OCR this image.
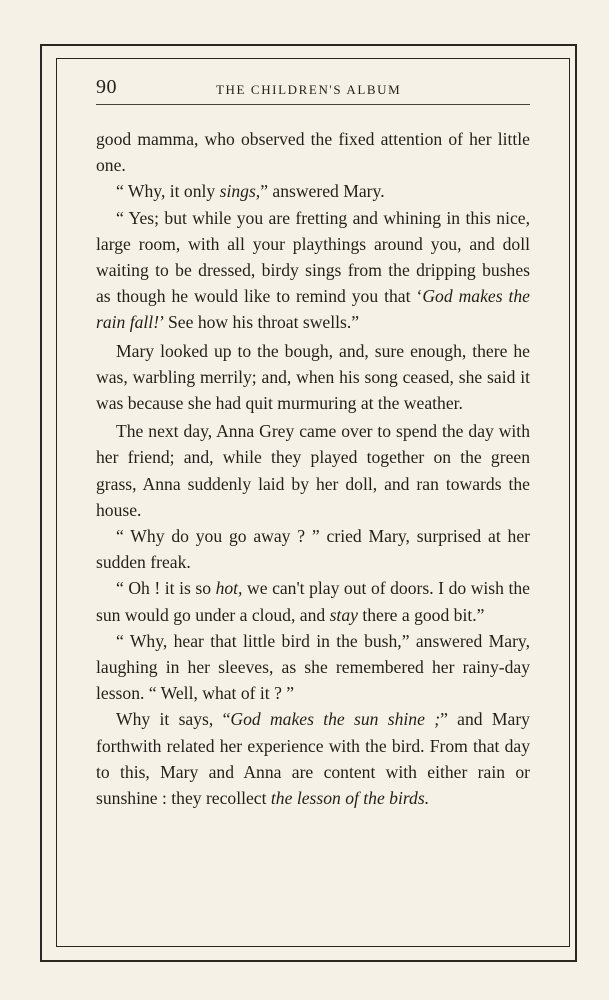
90	THE CHILDREN'S ALBUM

good mamma, who observed the fixed attention of her little one.

“ Why, it only sings,” answered Mary.

“ Yes; but while you are fretting and whining in this nice, large room, with all your playthings around you, and doll waiting to be dressed, birdy sings from the dripping bushes as though he would like to remind you that ‘God makes the rain fall!’ See how his throat swells.”

Mary looked up to the bough, and, sure enough, there he was, warbling merrily; and, when his song ceased, she said it was because she had quit murmuring at the weather.

The next day, Anna Grey came over to spend the day with her friend; and, while they played together on the green grass, Anna suddenly laid by her doll, and ran towards the house.

“ Why do you go away ? ” cried Mary, surprised at her sudden freak.

“ Oh ! it is so hot, we can't play out of doors. I do wish the sun would go under a cloud, and stay there a good bit.”

“ Why, hear that little bird in the bush,” answered Mary, laughing in her sleeves, as she remembered her rainy-day lesson. “ Well, what of it ? ”

Why it says, “God makes the sun shine ;” and Mary forthwith related her experience with the bird. From that day to this, Mary and Anna are content with either rain or sunshine : they recollect the lesson of the birds.
